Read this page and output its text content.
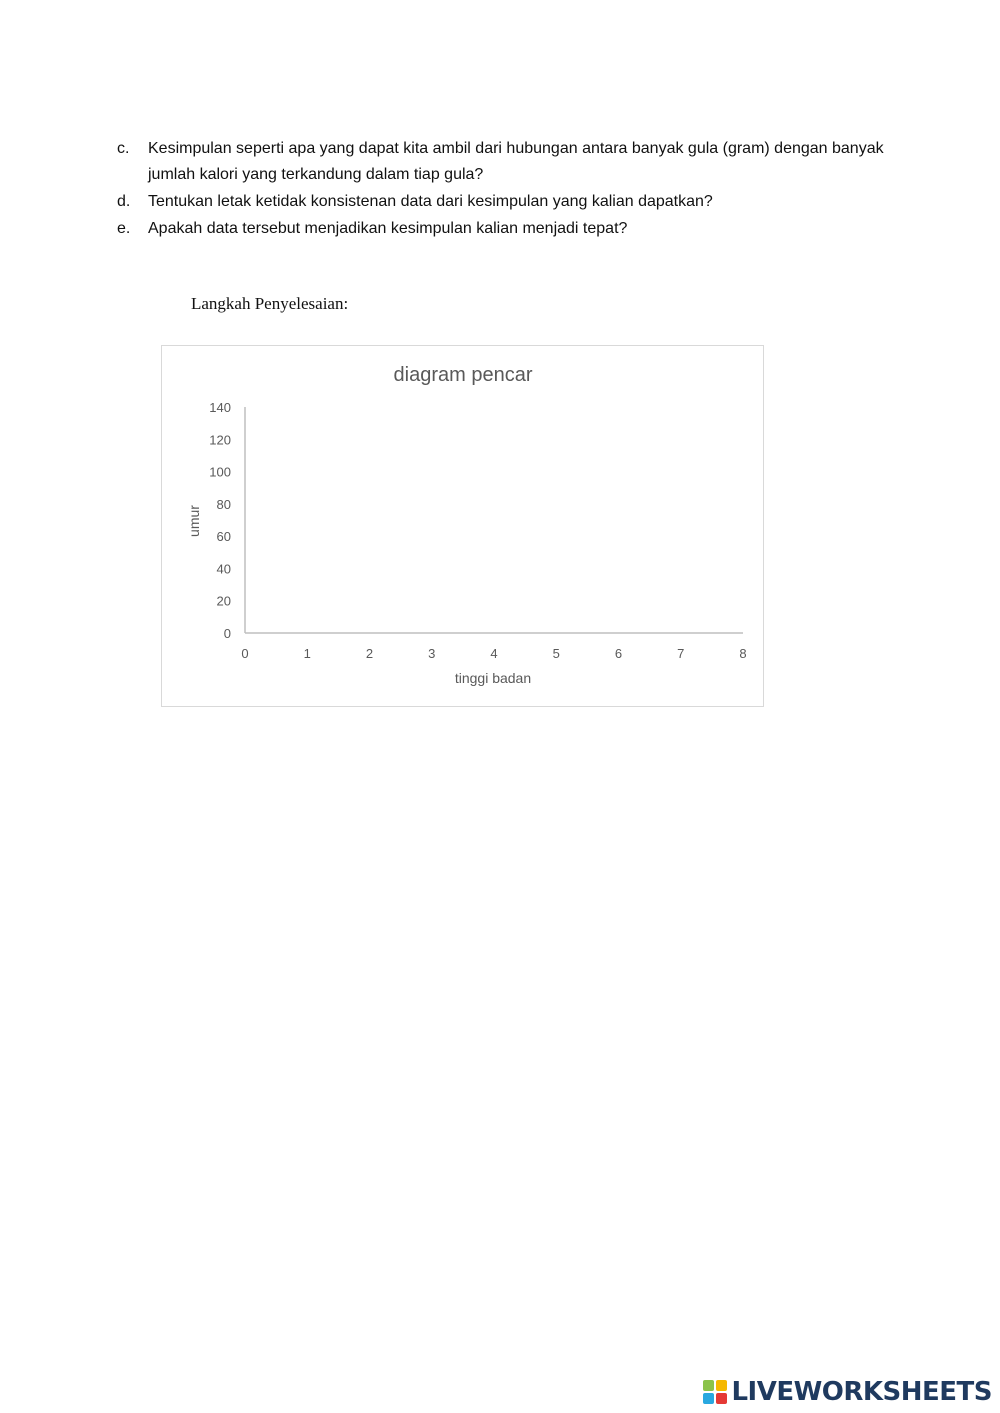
c. Kesimpulan seperti apa yang dapat kita ambil dari hubungan antara banyak gula (gram) dengan banyak jumlah kalori yang terkandung dalam tiap gula?
d. Tentukan letak ketidak konsistenan data dari kesimpulan yang kalian dapatkan?
e. Apakah data tersebut menjadikan kesimpulan kalian menjadi tepat?
Langkah Penyelesaian:
diagram pencar
tinggi badan
umur
0
20
40
60
80
100
120
140
0	1	2	3	4	5	6	7	8
LIVEWORKSHEETS
